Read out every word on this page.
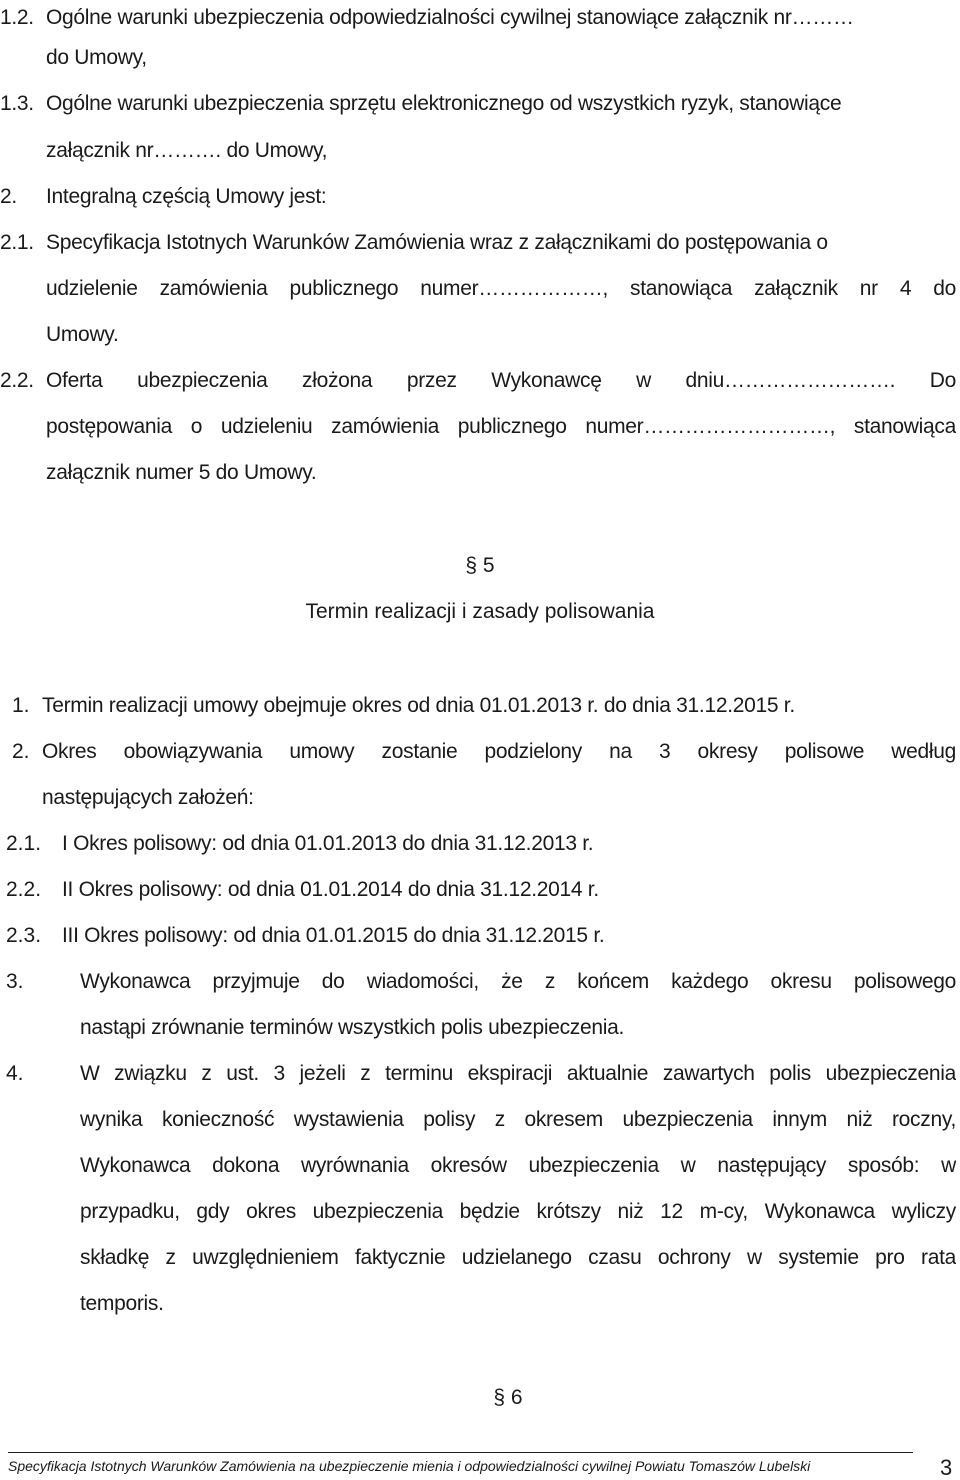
1.2. Ogólne warunki ubezpieczenia odpowiedzialności cywilnej stanowiące załącznik nr………
do Umowy,
1.3. Ogólne warunki ubezpieczenia sprzętu elektronicznego od wszystkich ryzyk, stanowiące
załącznik nr………. do Umowy,
2. Integralną częścią Umowy jest:
2.1. Specyfikacja Istotnych Warunków Zamówienia wraz z załącznikami do postępowania o
udzielenie zamówienia publicznego numer………………, stanowiąca załącznik nr 4 do
Umowy.
2.2. Oferta ubezpieczenia złożona przez Wykonawcę w dniu……………………. Do
postępowania o udzieleniu zamówienia publicznego numer………………………, stanowiąca
załącznik numer 5 do Umowy.
§ 5
Termin realizacji i zasady polisowania
1. Termin realizacji umowy obejmuje okres od dnia 01.01.2013 r. do dnia 31.12.2015 r.
2. Okres obowiązywania umowy zostanie podzielony na 3 okresy polisowe według
następujących założeń:
2.1. I Okres polisowy: od dnia 01.01.2013 do dnia 31.12.2013 r.
2.2. II Okres polisowy: od dnia 01.01.2014 do dnia 31.12.2014 r.
2.3. III Okres polisowy: od dnia 01.01.2015 do dnia 31.12.2015 r.
3.	Wykonawca przyjmuje do wiadomości, że z końcem każdego okresu polisowego
nastąpi zrównanie terminów wszystkich polis ubezpieczenia.
4.	W związku z ust. 3 jeżeli z terminu ekspiracji aktualnie zawartych polis ubezpieczenia
wynika konieczność wystawienia polisy z okresem ubezpieczenia innym niż roczny,
Wykonawca dokona wyrównania okresów ubezpieczenia w następujący sposób: w
przypadku, gdy okres ubezpieczenia będzie krótszy niż 12 m-cy, Wykonawca wyliczy
składkę z uwzględnieniem faktycznie udzielanego czasu ochrony w systemie pro rata
temporis.
§ 6
Specyfikacja Istotnych Warunków Zamówienia na ubezpieczenie mienia i odpowiedzialności cywilnej Powiatu Tomaszów Lubelski	3
